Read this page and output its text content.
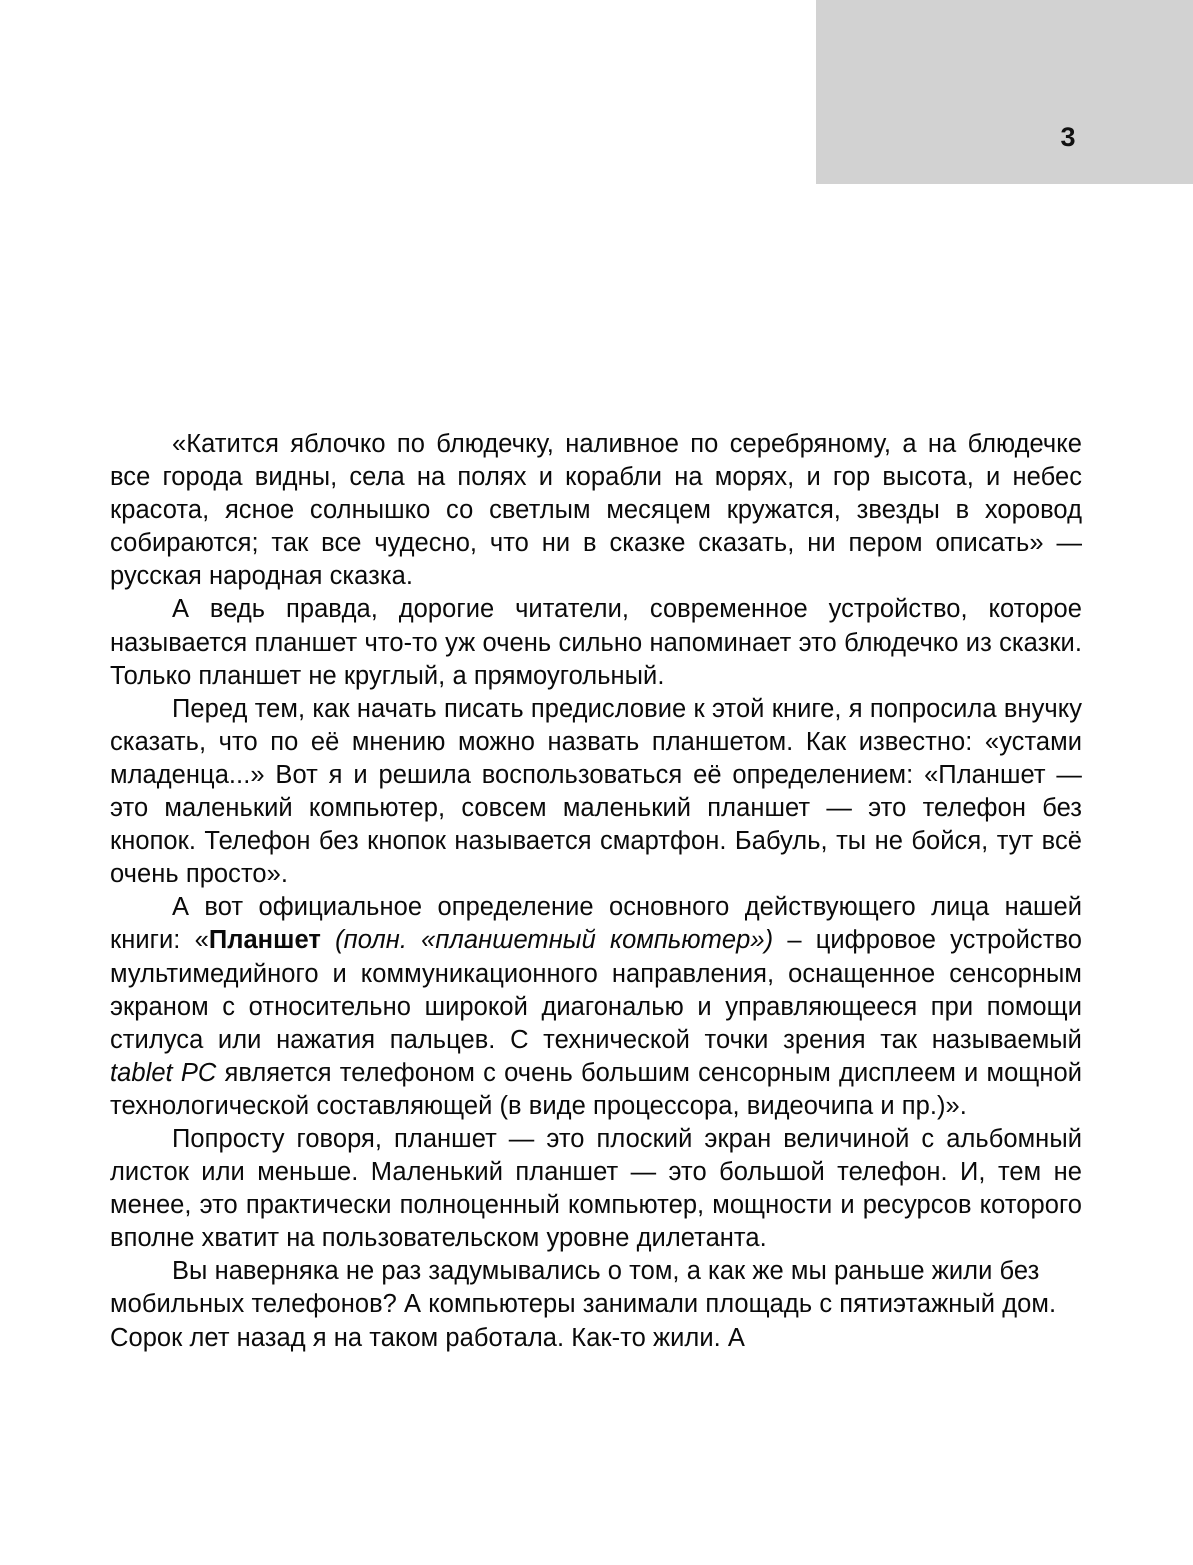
3

«Катится яблочко по блюдечку, наливное по серебряному, а на блюдечке все города видны, села на полях и корабли на морях, и гор высота, и небес красота, ясное солнышко со светлым месяцем кружатся, звезды в хоровод собираются; так все чудесно, что ни в сказке сказать, ни пером описать» — русская народная сказка.

А ведь правда, дорогие читатели, современное устройство, которое называется планшет что-то уж очень сильно напоминает это блюдечко из сказки. Только планшет не круглый, а прямоугольный.

Перед тем, как начать писать предисловие к этой книге, я попросила внучку сказать, что по её мнению можно назвать планшетом. Как известно: «устами младенца...» Вот я и решила воспользоваться её определением: «Планшет — это маленький компьютер, совсем маленький планшет — это телефон без кнопок. Телефон без кнопок называется смартфон. Бабуль, ты не бойся, тут всё очень просто».

А вот официальное определение основного действующего лица нашей книги: «Планшет (полн. «планшетный компьютер») – цифровое устройство мультимедийного и коммуникационного направления, оснащенное сенсорным экраном с относительно широкой диагональю и управляющееся при помощи стилуса или нажатия пальцев. С технической точки зрения так называемый tablet PC является телефоном с очень большим сенсорным дисплеем и мощной технологической составляющей (в виде процессора, видеочипа и пр.)».

Попросту говоря, планшет — это плоский экран величиной с альбомный листок или меньше. Маленький планшет — это большой телефон. И, тем не менее, это практически полноценный компьютер, мощности и ресурсов которого вполне хватит на пользовательском уровне дилетанта.

Вы наверняка не раз задумывались о том, а как же мы раньше жили без мобильных телефонов? А компьютеры занимали площадь с пятиэтажный дом. Сорок лет назад я на таком работала. Как-то жили. А
